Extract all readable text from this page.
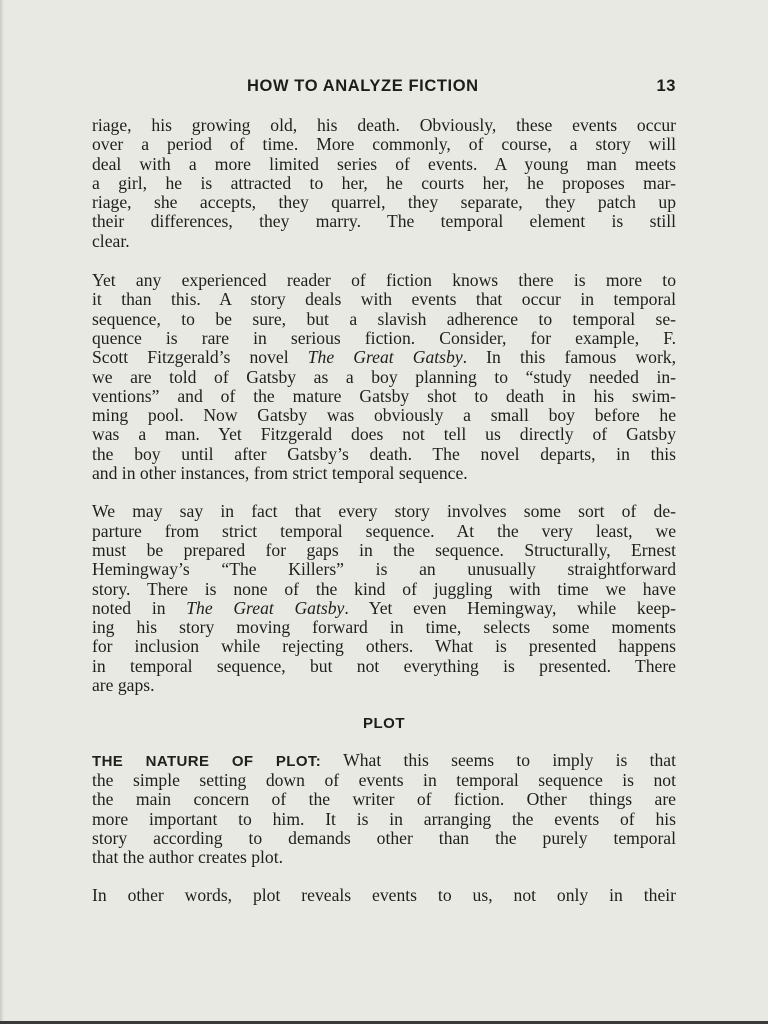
HOW TO ANALYZE FICTION	13

riage, his growing old, his death. Obviously, these events occur
over a period of time. More commonly, of course, a story will
deal with a more limited series of events. A young man meets
a girl, he is attracted to her, he courts her, he proposes mar-
riage, she accepts, they quarrel, they separate, they patch up
their differences, they marry. The temporal element is still
clear.

Yet any experienced reader of fiction knows there is more to
it than this. A story deals with events that occur in temporal
sequence, to be sure, but a slavish adherence to temporal se-
quence is rare in serious fiction. Consider, for example, F.
Scott Fitzgerald’s novel The Great Gatsby. In this famous work,
we are told of Gatsby as a boy planning to “study needed in-
ventions” and of the mature Gatsby shot to death in his swim-
ming pool. Now Gatsby was obviously a small boy before he
was a man. Yet Fitzgerald does not tell us directly of Gatsby
the boy until after Gatsby’s death. The novel departs, in this
and in other instances, from strict temporal sequence.

We may say in fact that every story involves some sort of de-
parture from strict temporal sequence. At the very least, we
must be prepared for gaps in the sequence. Structurally, Ernest
Hemingway’s “The Killers” is an unusually straightforward
story. There is none of the kind of juggling with time we have
noted in The Great Gatsby. Yet even Hemingway, while keep-
ing his story moving forward in time, selects some moments
for inclusion while rejecting others. What is presented happens
in temporal sequence, but not everything is presented. There
are gaps.

PLOT

THE NATURE OF PLOT: What this seems to imply is that
the simple setting down of events in temporal sequence is not
the main concern of the writer of fiction. Other things are
more important to him. It is in arranging the events of his
story according to demands other than the purely temporal
that the author creates plot.

In other words, plot reveals events to us, not only in their
